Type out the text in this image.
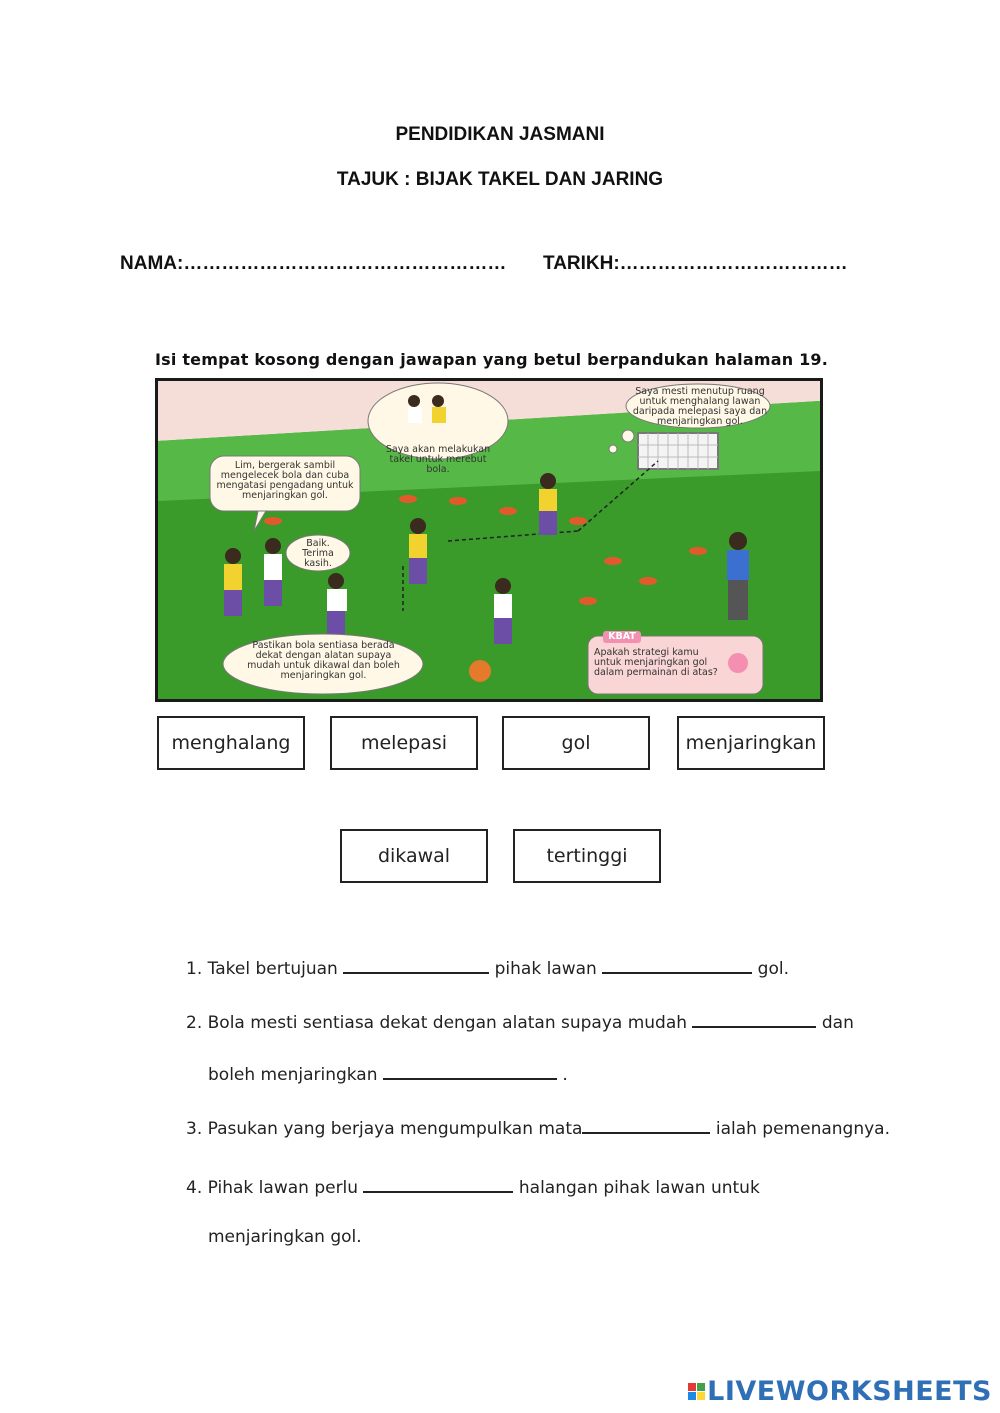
PENDIDIKAN JASMANI
TAJUK : BIJAK TAKEL DAN JARING
NAMA:…………………………………………… TARIKH:………………………………
Isi tempat kosong dengan jawapan yang betul berpandukan halaman 19.
Saya akan melakukan takel untuk merebut bola.
Saya mesti menutup ruang untuk menghalang lawan daripada melepasi saya dan menjaringkan gol.
Lim, bergerak sambil mengelecek bola dan cuba mengatasi pengadang untuk menjaringkan gol.
Baik. Terima kasih.
Pastikan bola sentiasa berada dekat dengan alatan supaya mudah untuk dikawal dan boleh menjaringkan gol.
KBAT
Apakah strategi kamu untuk menjaringkan gol dalam permainan di atas?
menghalang	melepasi	gol	menjaringkan
dikawal	tertinggi
1. Takel bertujuan	pihak lawan	gol.
2. Bola mesti sentiasa dekat dengan alatan supaya mudah	dan
boleh menjaringkan	.
3. Pasukan yang berjaya mengumpulkan mata	ialah pemenangnya.
4. Pihak lawan perlu	halangan pihak lawan untuk
menjaringkan gol.
LIVEWORKSHEETS
